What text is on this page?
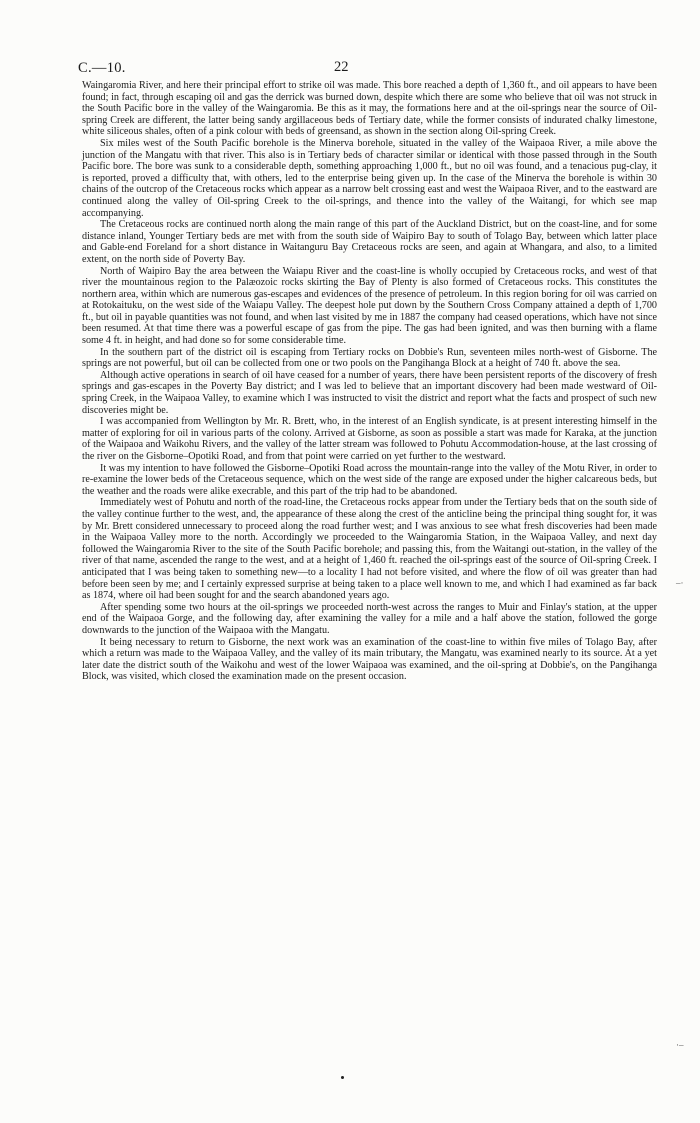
C.—10.	22

Waingaromia River, and here their principal effort to strike oil was made. This bore reached a depth of 1,360 ft., and oil appears to have been found; in fact, through escaping oil and gas the derrick was burned down, despite which there are some who believe that oil was not struck in the South Pacific bore in the valley of the Waingaromia. Be this as it may, the formations here and at the oil-springs near the source of Oil-spring Creek are different, the latter being sandy argillaceous beds of Tertiary date, while the former consists of indurated chalky limestone, white siliceous shales, often of a pink colour with beds of greensand, as shown in the section along Oil-spring Creek.

Six miles west of the South Pacific borehole is the Minerva borehole, situated in the valley of the Waipaoa River, a mile above the junction of the Mangatu with that river. This also is in Tertiary beds of character similar or identical with those passed through in the South Pacific bore. The bore was sunk to a considerable depth, something approaching 1,000 ft., but no oil was found, and a tenacious pug-clay, it is reported, proved a difficulty that, with others, led to the enterprise being given up. In the case of the Minerva the borehole is within 30 chains of the outcrop of the Cretaceous rocks which appear as a narrow belt crossing east and west the Waipaoa River, and to the eastward are continued along the valley of Oil-spring Creek to the oil-springs, and thence into the valley of the Waitangi, for which see map accompanying.

The Cretaceous rocks are continued north along the main range of this part of the Auckland District, but on the coast-line, and for some distance inland, Younger Tertiary beds are met with from the south side of Waipiro Bay to south of Tolago Bay, between which latter place and Gable-end Foreland for a short distance in Waitanguru Bay Cretaceous rocks are seen, and again at Whangara, and also, to a limited extent, on the north side of Poverty Bay.

North of Waipiro Bay the area between the Waiapu River and the coast-line is wholly occupied by Cretaceous rocks, and west of that river the mountainous region to the Palæozoic rocks skirting the Bay of Plenty is also formed of Cretaceous rocks. This constitutes the northern area, within which are numerous gas-escapes and evidences of the presence of petroleum. In this region boring for oil was carried on at Rotokaituku, on the west side of the Waiapu Valley. The deepest hole put down by the Southern Cross Company attained a depth of 1,700 ft., but oil in payable quantities was not found, and when last visited by me in 1887 the company had ceased operations, which have not since been resumed. At that time there was a powerful escape of gas from the pipe. The gas had been ignited, and was then burning with a flame some 4 ft. in height, and had done so for some considerable time.

In the southern part of the district oil is escaping from Tertiary rocks on Dobbie's Run, seventeen miles north-west of Gisborne. The springs are not powerful, but oil can be collected from one or two pools on the Pangihanga Block at a height of 740 ft. above the sea.

Although active operations in search of oil have ceased for a number of years, there have been persistent reports of the discovery of fresh springs and gas-escapes in the Poverty Bay district; and I was led to believe that an important discovery had been made westward of Oil-spring Creek, in the Waipaoa Valley, to examine which I was instructed to visit the district and report what the facts and prospect of such new discoveries might be.

I was accompanied from Wellington by Mr. R. Brett, who, in the interest of an English syndicate, is at present interesting himself in the matter of exploring for oil in various parts of the colony. Arrived at Gisborne, as soon as possible a start was made for Karaka, at the junction of the Waipaoa and Waikohu Rivers, and the valley of the latter stream was followed to Pohutu Accommodation-house, at the last crossing of the river on the Gisborne–Opotiki Road, and from that point were carried on yet further to the westward.

It was my intention to have followed the Gisborne–Opotiki Road across the mountain-range into the valley of the Motu River, in order to re-examine the lower beds of the Cretaceous sequence, which on the west side of the range are exposed under the higher calcareous beds, but the weather and the roads were alike execrable, and this part of the trip had to be abandoned.

Immediately west of Pohutu and north of the road-line, the Cretaceous rocks appear from under the Tertiary beds that on the south side of the valley continue further to the west, and, the appearance of these along the crest of the anticline being the principal thing sought for, it was by Mr. Brett considered unnecessary to proceed along the road further west; and I was anxious to see what fresh discoveries had been made in the Waipaoa Valley more to the north. Accordingly we proceeded to the Waingaromia Station, in the Waipaoa Valley, and next day followed the Waingaromia River to the site of the South Pacific borehole; and passing this, from the Waitangi out-station, in the valley of the river of that name, ascended the range to the west, and at a height of 1,460 ft. reached the oil-springs east of the source of Oil-spring Creek. I anticipated that I was being taken to something new—to a locality I had not before visited, and where the flow of oil was greater than had before been seen by me; and I certainly expressed surprise at being taken to a place well known to me, and which I had examined as far back as 1874, where oil had been sought for and the search abandoned years ago.

After spending some two hours at the oil-springs we proceeded north-west across the ranges to Muir and Finlay's station, at the upper end of the Waipaoa Gorge, and the following day, after examining the valley for a mile and a half above the station, followed the gorge downwards to the junction of the Waipaoa with the Mangatu.

It being necessary to return to Gisborne, the next work was an examination of the coast-line to within five miles of Tolago Bay, after which a return was made to the Waipaoa Valley, and the valley of its main tributary, the Mangatu, was examined nearly to its source. At a yet later date the district south of the Waikohu and west of the lower Waipaoa was examined, and the oil-spring at Dobbie's, on the Pangihanga Block, was visited, which closed the examination made on the present occasion.

–·
·–
